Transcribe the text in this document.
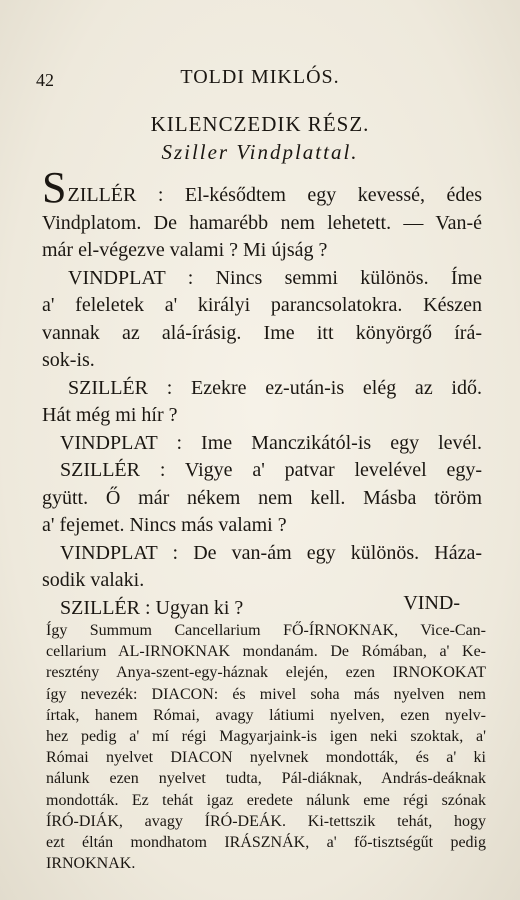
42	TOLDI MIKLÓS.
KILENCZEDIK RÉSZ.
Sziller Vindplattal.
SZILLÉR : El-késődtem egy kevessé, édes
Vindplatom. De hamarébb nem lehetett. — Van-é
már el-végezve valami ? Mi újság ?
VINDPLAT : Nincs semmi különös. Íme
a' feleletek a' királyi parancsolatokra. Készen
vannak az alá-írásig. Ime itt könyörgő írá-
sok-is.
SZILLÉR : Ezekre ez-után-is elég az idő.
Hát még mi hír ?
VINDPLAT : Ime Manczikától-is egy levél.
SZILLÉR : Vigye a' patvar levelével egy-
gyütt. Ő már nékem nem kell. Másba töröm
a' fejemet. Nincs más valami ?
VINDPLAT : De van-ám egy különös. Háza-
sodik valaki.
SZILLÉR : Ugyan ki ?	VIND-
Így Summum Cancellarium FŐ-ÍRNOKNAK, Vice-Can-
cellarium AL-IRNOKNAK mondanám. De Rómában, a' Ke-
resztény Anya-szent-egy-háznak elején, ezen IRNOKOKAT
így nevezék: DIACON: és mivel soha más nyelven nem
írtak, hanem Római, avagy látiumi nyelven, ezen nyelv-
hez pedig a' mí régi Magyarjaink-is igen neki szoktak, a'
Római nyelvet DIACON nyelvnek mondották, és a' ki
nálunk ezen nyelvet tudta, Pál-diáknak, András-deáknak
mondották. Ez tehát igaz eredete nálunk eme régi szónak
ÍRÓ-DIÁK, avagy ÍRÓ-DEÁK. Ki-tettszik tehát, hogy
ezt éltán mondhatom IRÁSZNÁK, a' fő-tisztségűt pedig
IRNOKNAK.
